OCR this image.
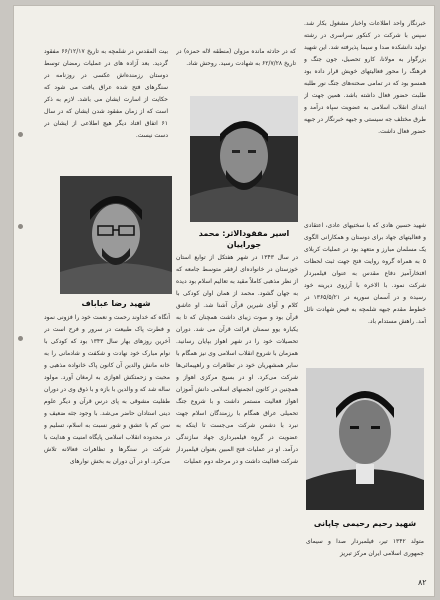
خبرنگار واحد اطلاعات واخبار مشغول بکار شد. سپس با شرکت در کنکور سراسری در رشته تولید دانشکده صدا و سیما پذیرفته شد. این شهید بزرگوار به مولانا، کارو تحصیل، جون جنگ و فرهنگ را محور فعالیتهای خویش قرار داده بود همسو بود که در تمامی صحنه‌های جنگ نور طلبه طلبت حضور فعال داشته باشد. همین جهت از ابتدای انقلاب اسلامی به عضویت سپاه درآمد و طرق مختلف جه سیستی و جبهه خبرنگار در جبهه حضور فعال داشت.
شهید حسین هادی که با سختیهای عادی، اعتقادی و فعالیتهای جهاد برای دوستان و همکارانی الگوی یک مسلمان مبارز و متعهد بود در عملیات کربلای ۵ به همراه گروه روایت فتح جهت ثبت لحظات افتخارآمیز دفاع مقدس به عنوان فیلمبردار شرکت نمود. با الاخره با آرزوی دیرینه خود رسیده و در آسمان سوریه در ۱۳۶۵/۵/۲۱ در خطوط مقدم جبهه شلمچه به فیض شهادت نائل آمد. راهش مستدام باد.
که در حادثه مانده مزوان (منطقه لاله حمزه) در تاریخ ۶۲/۷/۲۸ به شهادت رسید. روحش شاد.
بیت المقدس در شلمچه به تاریخ ۶۶/۱۲/۱۷ مفقود گردید. بعد آزاده های در عملیات رمضان توسط دوستان رزمنده‌اش عکسی در روزنامه در سنگرهای فتح شده عراق یافت می شود که حکایت از اسارت ایشان می باشد. لازم به ذکر است که از زمان مفقود شدن ایشان که در سال ۶۱ اتفاق افتاد دیگر هیچ اطلاعی از ایشان در دست نیست.
اسیر مفقودالاثر: محمد جوراییان
شهید رضا عباباف
در سال ۱۳۴۳ در شهر هفتکل از توابع استان خوزستان در خانواده‌ای ارفقر متوسط جامعه که از نظر مذهبی کاملاً مقید به تعالیم اسلام بود دیده به جهان گشود. محمد از همان اوان کودکی با کلام و آوای شیرین قرآن آشنا شد. او عاشق قرآن بود و صوت زیبای داشت همچنان که تا به یکباره یوو سمنان قرائت قرآن می شد. دوران تحصیلات خود را در شهر اهواز بپایان رسانید. همزمان با شروع انقلاب اسلامی وی نیز همگام با سایر همشهریان خود در تظاهرات و راهپیمائی‌ها شرکت می‌کرد. او در بسیج مرکزی اهواز و همچنین در کانون انجمنهای اسلامی دانش آموزان اهواز فعالیت مستمر داشت و با شروع جنگ تحمیلی عراق همگام با رزمندگان اسلام جهت نبرد با دشمن شرکت می‌جست تا اینکه به عضویت در گروه فیلمبرداری جهاد سازندگی درآمد. او در عملیات فتح المبین بعنوان فیلمبردار شرکت فعالیت داشت و در مرحله دوم عملیات
آنگاه که خداوند رحمت و نعمت خود را فزونی نمود و فطرت پاک طبیعت در سرور و فرح است در آخرین روزهای بهار سال ۱۳۴۳ بود که کودکی با نوام مبارک خود نهادت و شکفت و شادمانی را به خانه مانش والدین آن کانون پاک خانواده مذهبی و محبت و زحمتکش اهوازی به ارمغان آورد. مولود ساله شد که و والدین با بازه و با ذوق وی در دوران طفلیت مشوقی به پای درس قرآن و دیگر علوم دینی استادان حاضر می‌شد. با وجود جثه ضعیف و سن کم با عشق و شور نسبت به اسلام، تسلیم و در محدوده انقلاب اسلامی پایگاه امنیت و هدایت با شرکت در سنگرها و تظاهرات فعالانه تلاش می‌کرد. او در آن دوران به بخش نوارهای
شهید رحیم رحیمی چاپانی
متولد ۱۳۴۲ تیر، فیلمبردار صدا و سیمای جمهوری اسلامی ایران مرکز تبریز
۸۲
